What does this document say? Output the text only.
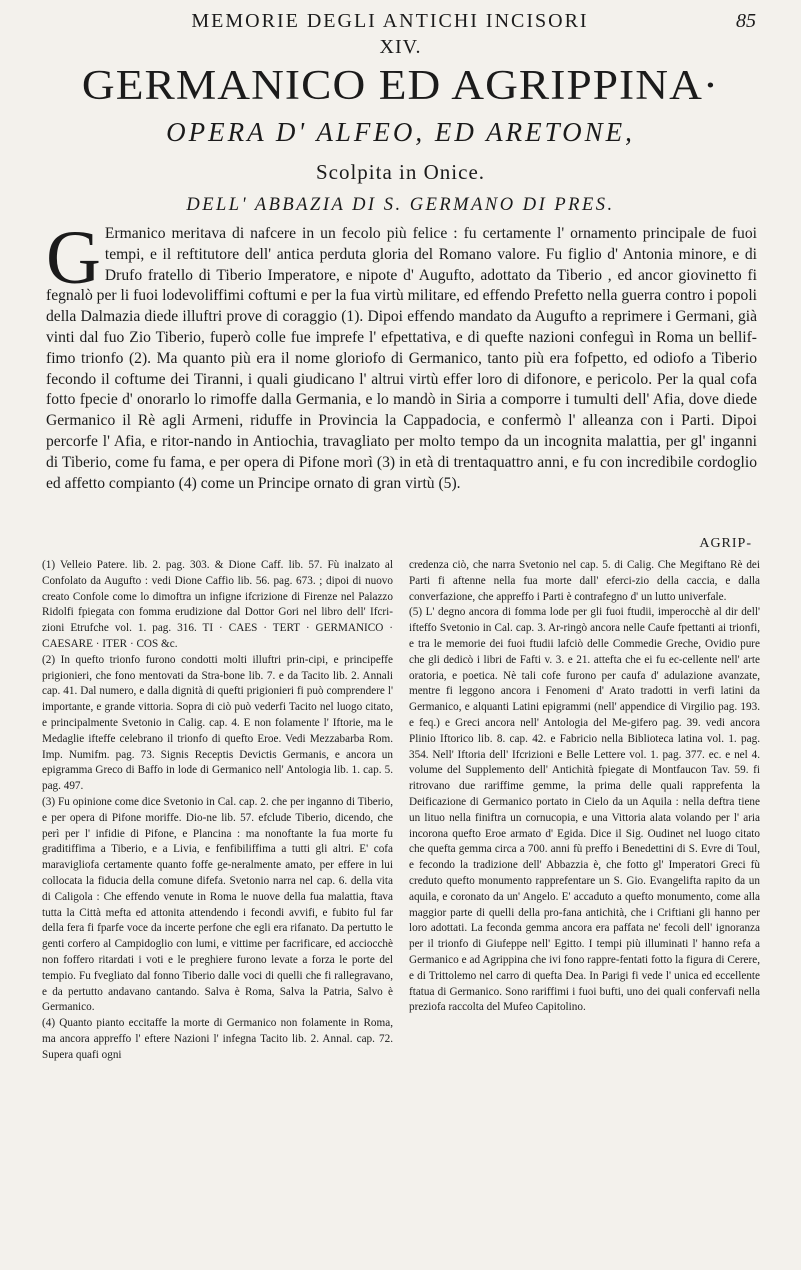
MEMORIE DEGLI ANTICHI INCISORI	85
XIV.
GERMANICO ED AGRIPPINA·
OPERA D' ALFEO, ED ARETONE,
Scolpita in Onice.
DELL' ABBAZIA DI S. GERMANO DI PRES.
G Ermanico meritava di nafcere in un fecolo più felice : fu certamente l' ornamento principale de fuoi tempi, e il reftitutore dell' antica perduta gloria del Romano valore. Fu figlio d' Antonia minore, e di Drufo fratello di Tiberio Imperatore, e nipote d' Augufto, adottato da Tiberio , ed ancor giovinetto fi fegnalò per li fuoi lodevoliffimi coftumi e per la fua virtù militare, ed effendo Prefetto nella guerra contro i popoli della Dalmazia diede illuftri prove di coraggio (1). Dipoi effendo mandato da Augufto a reprimere i Germani, già vinti dal fuo Zio Tiberio, fuperò colle fue imprefe l' efpettativa, e di quefte nazioni confeguì in Roma un bellif-fimo trionfo (2). Ma quanto più era il nome gloriofo di Germanico, tanto più era fofpetto, ed odiofo a Tiberio fecondo il coftume dei Tiranni, i quali giudicano l' altrui virtù effer loro di difonore, e pericolo. Per la qual cofa fotto fpecie d' onorarlo lo rimoffe dalla Germania, e lo mandò in Siria a comporre i tumulti dell' Afia, dove diede Germanico il Rè agli Armeni, riduffe in Provincia la Cappadocia, e confermò l' alleanza con i Parti. Dipoi percorfe l' Afia, e ritor-nando in Antiochia, travagliato per molto tempo da un incognita malattia, per gl' inganni di Tiberio, come fu fama, e per opera di Pifone morì (3) in età di trentaquattro anni, e fu con incredibile cordoglio ed affetto compianto (4) come un Principe ornato di gran virtù (5).
AGRIP-

(1) Velleio Patere. lib. 2. pag. 303. & Dione Caff. lib. 57. Fù inalzato al Confolato da Augufto : vedi Dione Caffio lib. 56. pag. 673. ; dipoi di nuovo creato Confole come lo dimoftra un infigne ifcrizione di Firenze nel Palazzo Ridolfi fpiegata con fomma erudizione dal Dottor Gori nel libro dell' Ifcri-zioni Etrufche vol. 1. pag. 316. TI · CAES · TERT · GERMANICO · CAESARE · ITER · COS &c.

(2) In quefto trionfo furono condotti molti illuftri prin-cipi, e principeffe prigionieri, che fono mentovati da Stra-bone lib. 7. e da Tacito lib. 2. Annali cap. 41. Dal numero, e dalla dignità di quefti prigionieri fi può comprendere l' importante, e grande vittoria. Sopra di ciò può vederfi Tacito nel luogo citato, e principalmente Svetonio in Calig. cap. 4. E non folamente l' Iftorie, ma le Medaglie ifteffe celebrano il trionfo di quefto Eroe. Vedi Mezzabarba Rom. Imp. Numifm. pag. 73. Signis Receptis Devictis Germanis, e ancora un epigramma Greco di Baffo in lode di Germanico nell' Antologia lib. 1. cap. 5. pag. 497.

(3) Fu opinione come dice Svetonio in Cal. cap. 2. che per inganno di Tiberio, e per opera di Pifone moriffe. Dio-ne lib. 57. efclude Tiberio, dicendo, che perì per l' infidie di Pifone, e Plancina : ma nonoftante la fua morte fu graditiffima a Tiberio, e a Livia, e fenfibiliffima a tutti gli altri. E' cofa maravigliofa certamente quanto foffe ge-neralmente amato, per effere in lui collocata la fiducia della comune difefa. Svetonio narra nel cap. 6. della vita di Caligola : Che effendo venute in Roma le nuove della fua malattia, ftava tutta la Città mefta ed attonita attendendo i fecondi avvifi, e fubito ful far della fera fi fparfe voce da incerte perfone che egli era rifanato. Da pertutto le genti corfero al Campidoglio con lumi, e vittime per facrificare, ed acciocchè non foffero ritardati i voti e le preghiere furono levate a forza le porte del tempio. Fu fvegliato dal fonno Tiberio dalle voci di quelli che fi rallegravano, e da pertutto andavano cantando. Salva è Roma, Salva la Patria, Salvo è Germanico.

(4) Quanto pianto eccitaffe la morte di Germanico non folamente in Roma, ma ancora appreffo l' eftere Nazioni l' infegna Tacito lib. 2. Annal. cap. 72. Supera quafi ogni

credenza ciò, che narra Svetonio nel cap. 5. di Calig. Che Megiftano Rè dei Parti fi aftenne nella fua morte dall' eferci-zio della caccia, e dalla converfazione, che appreffo i Parti è contrafegno d' un lutto univerfale.

(5) L' degno ancora di fomma lode per gli fuoi ftudii, imperocchè al dir dell' ifteffo Svetonio in Cal. cap. 3. Ar-ringò ancora nelle Caufe fpettanti ai trionfi, e tra le memorie dei fuoi ftudii lafciò delle Commedie Greche, Ovidio pure che gli dedicò i libri de Fafti v. 3. e 21. attefta che ei fu ec-cellente nell' arte oratoria, e poetica. Nè tali cofe furono per caufa d' adulazione avanzate, mentre fi leggono ancora i Fenomeni d' Arato tradotti in verfi latini da Germanico, e alquanti Latini epigrammi (nell' appendice di Virgilio pag. 193. e feq.) e Greci ancora nell' Antologia del Me-gifero pag. 39. vedi ancora Plinio Iftorico lib. 8. cap. 42. e Fabricio nella Biblioteca latina vol. 1. pag. 354. Nell' Iftoria dell' Ifcrizioni e Belle Lettere vol. 1. pag. 377. ec. e nel 4. volume del Supplemento dell' Antichità fpiegate di Montfaucon Tav. 59. fi ritrovano due rariffime gemme, la prima delle quali rapprefenta la Deificazione di Germanico portato in Cielo da un Aquila : nella deftra tiene un lituo nella finiftra un cornucopia, e una Vittoria alata volando per l' aria incorona quefto Eroe armato d' Egida. Dice il Sig. Oudinet nel luogo citato che quefta gemma circa a 700. anni fù preffo i Benedettini di S. Evre di Toul, e fecondo la tradizione dell' Abbazzia è, che fotto gl' Imperatori Greci fù creduto quefto monumento rapprefentare un S. Gio. Evangelifta rapito da un aquila, e coronato da un' Angelo. E' accaduto a quefto monumento, come alla maggior parte di quelli della pro-fana antichità, che i Criftiani gli hanno per loro adottati. La feconda gemma ancora era paffata ne' fecoli dell' ignoranza per il trionfo di Giufeppe nell' Egitto. I tempi più illuminati l' hanno refa a Germanico e ad Agrippina che ivi fono rappre-fentati fotto la figura di Cerere, e di Trittolemo nel carro di quefta Dea. In Parigi fi vede l' unica ed eccellente ftatua di Germanico. Sono rariffimi i fuoi bufti, uno dei quali confervafi nella preziofa raccolta del Mufeo Capitolino.
